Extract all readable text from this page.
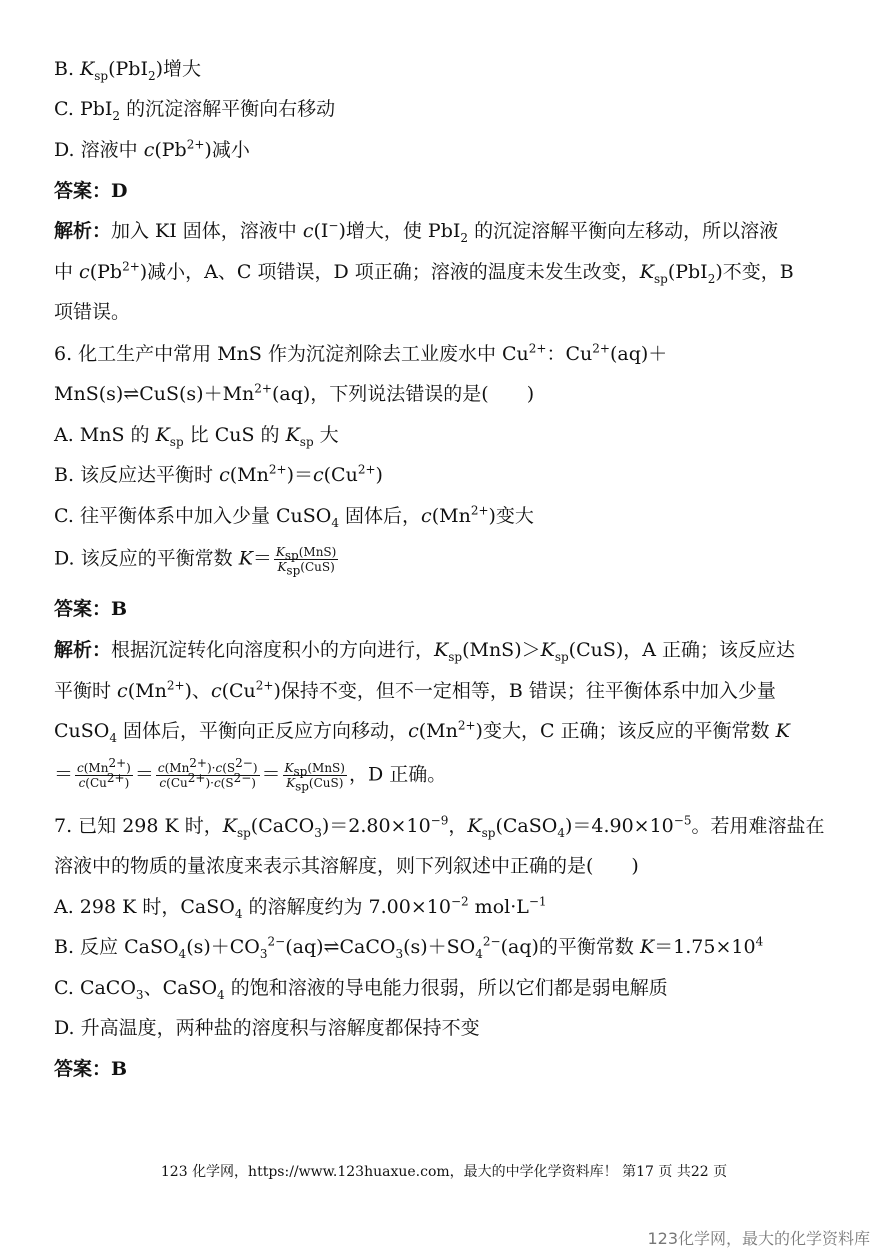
B. $K_{sp}(PbI_2)$增大
C. PbI$_2$ 的沉淀溶解平衡向右移动
D. 溶液中 $c(Pb^{2+})$减小
答案：D
解析：加入 KI 固体，溶液中 c(I−)增大，使 PbI$_2$ 的沉淀溶解平衡向左移动，所以溶液
中 $c(Pb^{2+})$减小，A、C 项错误，D 项正确；溶液的温度未发生改变，$K_{sp}(PbI_2)$不变，B
项错误。
6. 化工生产中常用 MnS 作为沉淀剂除去工业废水中 $Cu^{2+}$：$Cu^{2+}(aq)+$
$MnS(s)\rightleftharpoons CuS(s)+Mn^{2+}(aq)$，下列说法错误的是(　　)
A. MnS 的 $K_{sp}$ 比 CuS 的 $K_{sp}$ 大
B. 该反应达平衡时 $c(Mn^{2+})=c(Cu^{2+})$
C. 往平衡体系中加入少量 CuSO$_4$ 固体后，$c(Mn^{2+})$变大
D. 该反应的平衡常数 $K= \frac{K_{sp}(MnS)}{K_{sp}(CuS)}$
答案：B
解析：根据沉淀转化向溶度积小的方向进行，$K_{sp}(MnS)>K_{sp}(CuS)$，A 正确；该反应达
平衡时 $c(Mn^{2+})$、$c(Cu^{2+})$保持不变，但不一定相等，B 错误；往平衡体系中加入少量
CuSO$_4$ 固体后，平衡向正反应方向移动，$c(Mn^{2+})$变大，C 正确；该反应的平衡常数 K
＝ $\frac{c(Mn^{2+})}{c(Cu^{2+})} = \frac{c(Mn^{2+})\cdot c(S^{2-})}{c(Cu^{2+})\cdot c(S^{2-})} = \frac{K_{sp}(MnS)}{K_{sp}(CuS)}$ ，D 正确。
7. 已知 298 K 时，$K_{sp}(CaCO_3)=2.80\times 10^{-9}$，$K_{sp}(CaSO_4)=4.90\times 10^{-5}$。若用难溶盐在
溶液中的物质的量浓度来表示其溶解度，则下列叙述中正确的是(　　)
A. 298 K 时，CaSO$_4$ 的溶解度约为 $7.00\times 10^{-2}$ $mol\cdot L^{-1}$
B. 反应 $CaSO_4(s)+CO_3^{2-}(aq)\rightleftharpoons CaCO_3(s)+SO_4^{2-}(aq)$的平衡常数 $K=1.75\times 10^4$
C. CaCO$_3$、CaSO$_4$ 的饱和溶液的导电能力很弱，所以它们都是弱电解质
D. 升高温度，两种盐的溶度积与溶解度都保持不变
答案：B
123 化学网，https://www.123huaxue.com，最大的中学化学资料库！ 第17 页 共22 页
123化学网，最大的化学资料库
